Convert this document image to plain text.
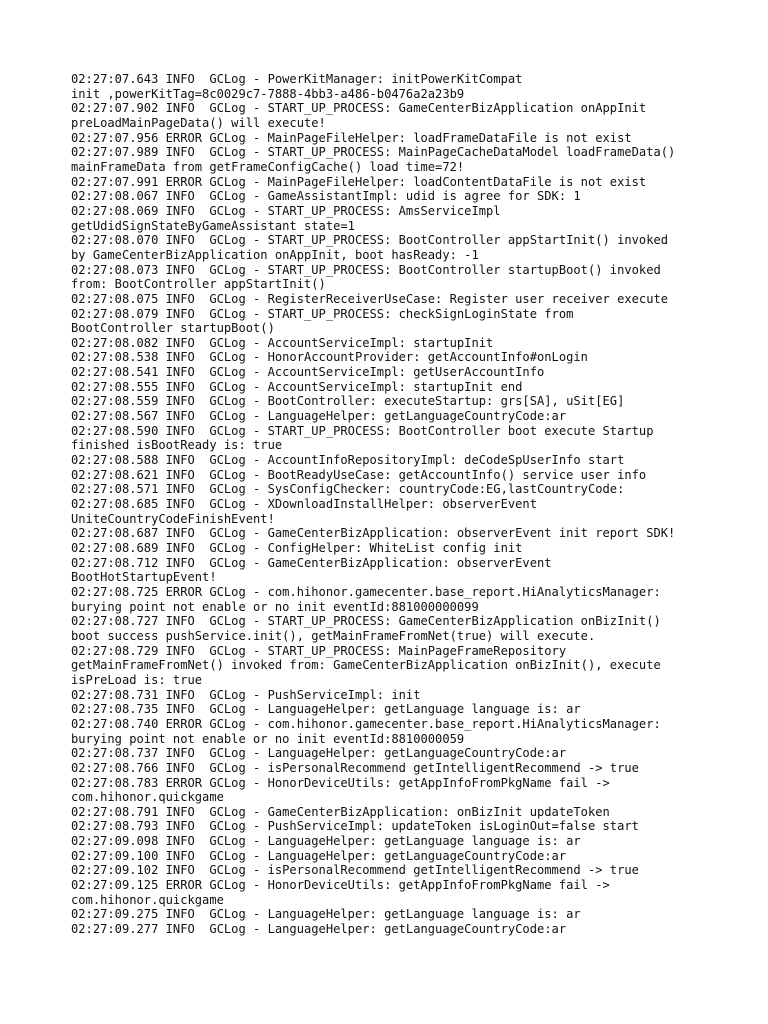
02:27:07.643 INFO  GCLog - PowerKitManager: initPowerKitCompat
init ,powerKitTag=8c0029c7-7888-4bb3-a486-b0476a2a23b9
02:27:07.902 INFO  GCLog - START_UP_PROCESS: GameCenterBizApplication onAppInit
preLoadMainPageData() will execute!
02:27:07.956 ERROR GCLog - MainPageFileHelper: loadFrameDataFile is not exist
02:27:07.989 INFO  GCLog - START_UP_PROCESS: MainPageCacheDataModel loadFrameData()
mainFrameData from getFrameConfigCache() load time=72!
02:27:07.991 ERROR GCLog - MainPageFileHelper: loadContentDataFile is not exist
02:27:08.067 INFO  GCLog - GameAssistantImpl: udid is agree for SDK: 1
02:27:08.069 INFO  GCLog - START_UP_PROCESS: AmsServiceImpl
getUdidSignStateByGameAssistant state=1
02:27:08.070 INFO  GCLog - START_UP_PROCESS: BootController appStartInit() invoked
by GameCenterBizApplication onAppInit, boot hasReady: -1
02:27:08.073 INFO  GCLog - START_UP_PROCESS: BootController startupBoot() invoked
from: BootController appStartInit()
02:27:08.075 INFO  GCLog - RegisterReceiverUseCase: Register user receiver execute
02:27:08.079 INFO  GCLog - START_UP_PROCESS: checkSignLoginState from
BootController startupBoot()
02:27:08.082 INFO  GCLog - AccountServiceImpl: startupInit
02:27:08.538 INFO  GCLog - HonorAccountProvider: getAccountInfo#onLogin
02:27:08.541 INFO  GCLog - AccountServiceImpl: getUserAccountInfo
02:27:08.555 INFO  GCLog - AccountServiceImpl: startupInit end
02:27:08.559 INFO  GCLog - BootController: executeStartup: grs[SA], uSit[EG]
02:27:08.567 INFO  GCLog - LanguageHelper: getLanguageCountryCode:ar
02:27:08.590 INFO  GCLog - START_UP_PROCESS: BootController boot execute Startup
finished isBootReady is: true
02:27:08.588 INFO  GCLog - AccountInfoRepositoryImpl: deCodeSpUserInfo start
02:27:08.621 INFO  GCLog - BootReadyUseCase: getAccountInfo() service user info
02:27:08.571 INFO  GCLog - SysConfigChecker: countryCode:EG,lastCountryCode:
02:27:08.685 INFO  GCLog - XDownloadInstallHelper: observerEvent
UniteCountryCodeFinishEvent!
02:27:08.687 INFO  GCLog - GameCenterBizApplication: observerEvent init report SDK!
02:27:08.689 INFO  GCLog - ConfigHelper: WhiteList config init
02:27:08.712 INFO  GCLog - GameCenterBizApplication: observerEvent
BootHotStartupEvent!
02:27:08.725 ERROR GCLog - com.hihonor.gamecenter.base_report.HiAnalyticsManager:
burying point not enable or no init eventId:881000000099
02:27:08.727 INFO  GCLog - START_UP_PROCESS: GameCenterBizApplication onBizInit()
boot success pushService.init(), getMainFrameFromNet(true) will execute.
02:27:08.729 INFO  GCLog - START_UP_PROCESS: MainPageFrameRepository
getMainFrameFromNet() invoked from: GameCenterBizApplication onBizInit(), execute
isPreLoad is: true
02:27:08.731 INFO  GCLog - PushServiceImpl: init
02:27:08.735 INFO  GCLog - LanguageHelper: getLanguage language is: ar
02:27:08.740 ERROR GCLog - com.hihonor.gamecenter.base_report.HiAnalyticsManager:
burying point not enable or no init eventId:8810000059
02:27:08.737 INFO  GCLog - LanguageHelper: getLanguageCountryCode:ar
02:27:08.766 INFO  GCLog - isPersonalRecommend getIntelligentRecommend -> true
02:27:08.783 ERROR GCLog - HonorDeviceUtils: getAppInfoFromPkgName fail ->
com.hihonor.quickgame
02:27:08.791 INFO  GCLog - GameCenterBizApplication: onBizInit updateToken
02:27:08.793 INFO  GCLog - PushServiceImpl: updateToken isLoginOut=false start
02:27:09.098 INFO  GCLog - LanguageHelper: getLanguage language is: ar
02:27:09.100 INFO  GCLog - LanguageHelper: getLanguageCountryCode:ar
02:27:09.102 INFO  GCLog - isPersonalRecommend getIntelligentRecommend -> true
02:27:09.125 ERROR GCLog - HonorDeviceUtils: getAppInfoFromPkgName fail ->
com.hihonor.quickgame
02:27:09.275 INFO  GCLog - LanguageHelper: getLanguage language is: ar
02:27:09.277 INFO  GCLog - LanguageHelper: getLanguageCountryCode:ar
